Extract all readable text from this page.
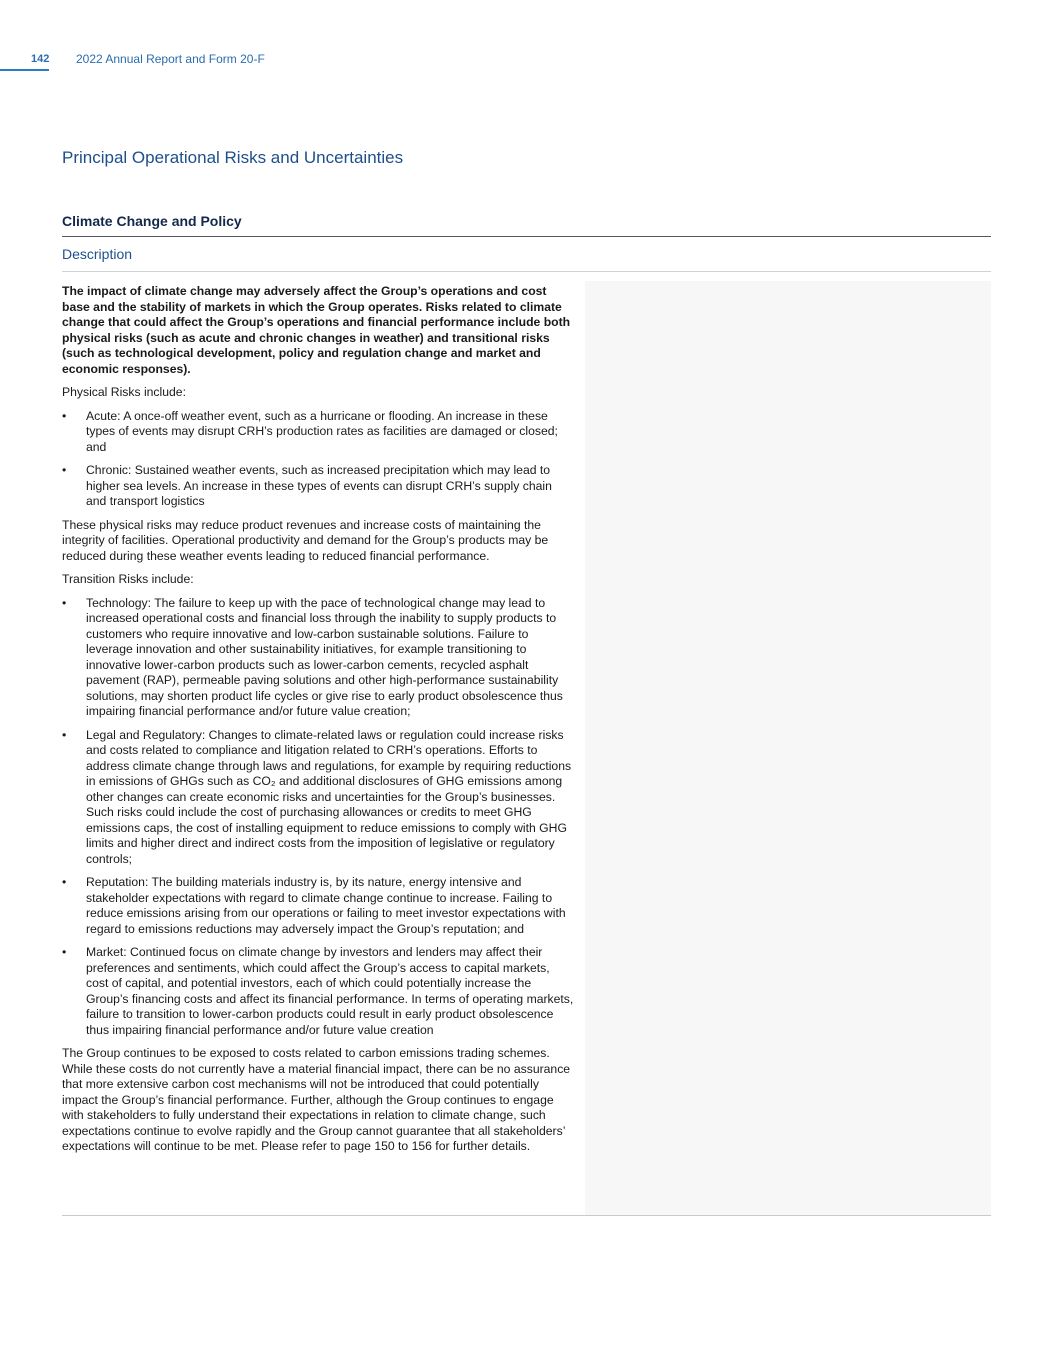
142 2022 Annual Report and Form 20-F
Principal Operational Risks and Uncertainties
Climate Change and Policy
Description

The impact of climate change may adversely affect the Group’s operations and cost base and the stability of markets in which the Group operates. Risks related to climate change that could affect the Group’s operations and financial performance include both physical risks (such as acute and chronic changes in weather) and transitional risks (such as technological development, policy and regulation change and market and economic responses).

Physical Risks include:

•	Acute: A once-off weather event, such as a hurricane or flooding. An increase in these types of events may disrupt CRH’s production rates as facilities are damaged or closed; and
•	Chronic: Sustained weather events, such as increased precipitation which may lead to higher sea levels. An increase in these types of events can disrupt CRH’s supply chain and transport logistics

These physical risks may reduce product revenues and increase costs of maintaining the integrity of facilities. Operational productivity and demand for the Group’s products may be reduced during these weather events leading to reduced financial performance.

Transition Risks include:

•	Technology: The failure to keep up with the pace of technological change may lead to increased operational costs and financial loss through the inability to supply products to customers who require innovative and low-carbon sustainable solutions. Failure to leverage innovation and other sustainability initiatives, for example transitioning to innovative lower-carbon products such as lower-carbon cements, recycled asphalt pavement (RAP), permeable paving solutions and other high-performance sustainability solutions, may shorten product life cycles or give rise to early product obsolescence thus impairing financial performance and/or future value creation;
•	Legal and Regulatory: Changes to climate-related laws or regulation could increase risks and costs related to compliance and litigation related to CRH’s operations. Efforts to address climate change through laws and regulations, for example by requiring reductions in emissions of GHGs such as CO₂ and additional disclosures of GHG emissions among other changes can create economic risks and uncertainties for the Group’s businesses. Such risks could include the cost of purchasing allowances or credits to meet GHG emissions caps, the cost of installing equipment to reduce emissions to comply with GHG limits and higher direct and indirect costs from the imposition of legislative or regulatory controls;
•	Reputation: The building materials industry is, by its nature, energy intensive and stakeholder expectations with regard to climate change continue to increase. Failing to reduce emissions arising from our operations or failing to meet investor expectations with regard to emissions reductions may adversely impact the Group’s reputation; and
•	Market: Continued focus on climate change by investors and lenders may affect their preferences and sentiments, which could affect the Group’s access to capital markets, cost of capital, and potential investors, each of which could potentially increase the Group’s financing costs and affect its financial performance. In terms of operating markets, failure to transition to lower-carbon products could result in early product obsolescence thus impairing financial performance and/or future value creation

The Group continues to be exposed to costs related to carbon emissions trading schemes. While these costs do not currently have a material financial impact, there can be no assurance that more extensive carbon cost mechanisms will not be introduced that could potentially impact the Group’s financial performance. Further, although the Group continues to engage with stakeholders to fully understand their expectations in relation to climate change, such expectations continue to evolve rapidly and the Group cannot guarantee that all stakeholders’ expectations will continue to be met. Please refer to page 150 to 156 for further details.
